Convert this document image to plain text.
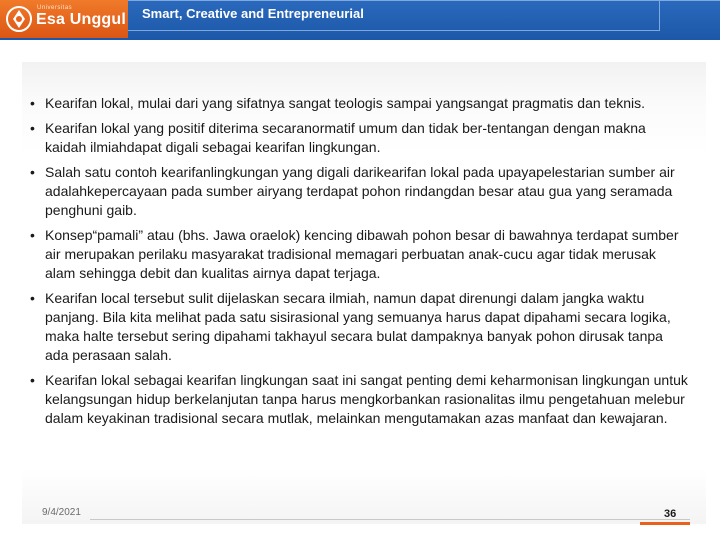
Universitas
Esa Unggul Smart, Creative and Entrepreneurial
• Kearifan lokal, mulai dari yang sifatnya sangat teologis sampai yangsangat pragmatis dan teknis.
• Kearifan lokal yang positif diterima secaranormatif umum dan tidak ber-tentangan dengan makna kaidah ilmiahdapat digali sebagai kearifan lingkungan.
• Salah satu contoh kearifanlingkungan yang digali darikearifan lokal pada upayapelestarian sumber air adalahkepercayaan pada sumber airyang terdapat pohon rindangdan besar atau gua yang seramada penghuni gaib.
• Konsep“pamali” atau (bhs. Jawa oraelok) kencing dibawah pohon besar di bawahnya terdapat sumber air merupakan perilaku masyarakat tradisional memagari perbuatan anak-cucu agar tidak merusak alam sehingga debit dan kualitas airnya dapat terjaga.
• Kearifan local tersebut sulit dijelaskan secara ilmiah, namun dapat direnungi dalam jangka waktu panjang. Bila kita melihat pada satu sisirasional yang semuanya harus dapat dipahami secara logika, maka halte tersebut sering dipahami takhayul secara bulat dampaknya banyak pohon dirusak tanpa ada perasaan salah.
• Kearifan lokal sebagai kearifan lingkungan saat ini sangat penting demi keharmonisan lingkungan untuk kelangsungan hidup berkelanjutan tanpa harus mengkorbankan rasionalitas ilmu pengetahuan melebur dalam keyakinan tradisional secara mutlak, melainkan mengutamakan azas manfaat dan kewajaran.
9/4/2021	36
